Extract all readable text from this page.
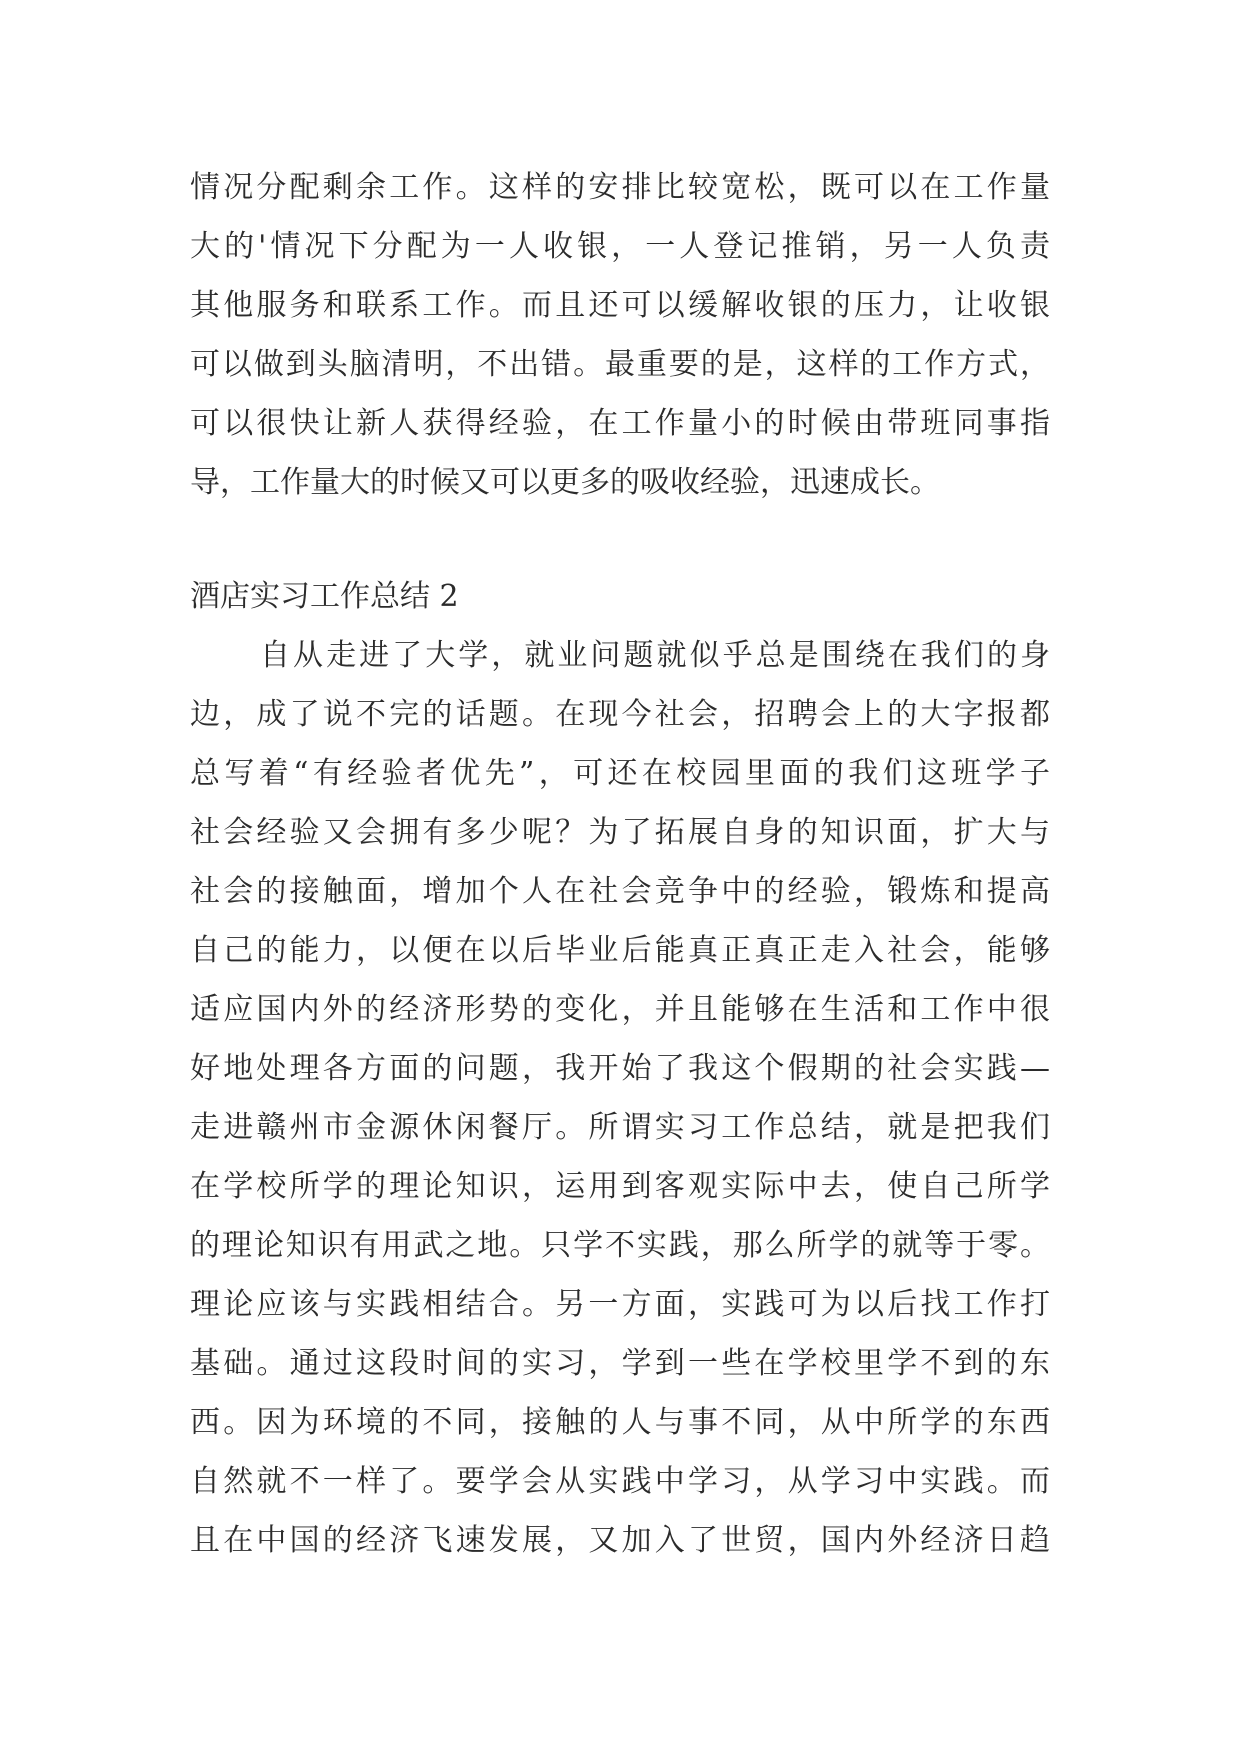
情况分配剩余工作。这样的安排比较宽松，既可以在工作量
大的'情况下分配为一人收银，一人登记推销，另一人负责
其他服务和联系工作。而且还可以缓解收银的压力，让收银
可以做到头脑清明，不出错。最重要的是，这样的工作方式，
可以很快让新人获得经验，在工作量小的时候由带班同事指
导，工作量大的时候又可以更多的吸收经验，迅速成长。
酒店实习工作总结 2
自从走进了大学，就业问题就似乎总是围绕在我们的身
边，成了说不完的话题。在现今社会，招聘会上的大字报都
总写着“有经验者优先”，可还在校园里面的我们这班学子
社会经验又会拥有多少呢？为了拓展自身的知识面，扩大与
社会的接触面，增加个人在社会竞争中的经验，锻炼和提高
自己的能力，以便在以后毕业后能真正真正走入社会，能够
适应国内外的经济形势的变化，并且能够在生活和工作中很
好地处理各方面的问题，我开始了我这个假期的社会实践—
走进赣州市金源休闲餐厅。所谓实习工作总结，就是把我们
在学校所学的理论知识，运用到客观实际中去，使自己所学
的理论知识有用武之地。只学不实践，那么所学的就等于零。
理论应该与实践相结合。另一方面，实践可为以后找工作打
基础。通过这段时间的实习，学到一些在学校里学不到的东
西。因为环境的不同，接触的人与事不同，从中所学的东西
自然就不一样了。要学会从实践中学习，从学习中实践。而
且在中国的经济飞速发展，又加入了世贸，国内外经济日趋
